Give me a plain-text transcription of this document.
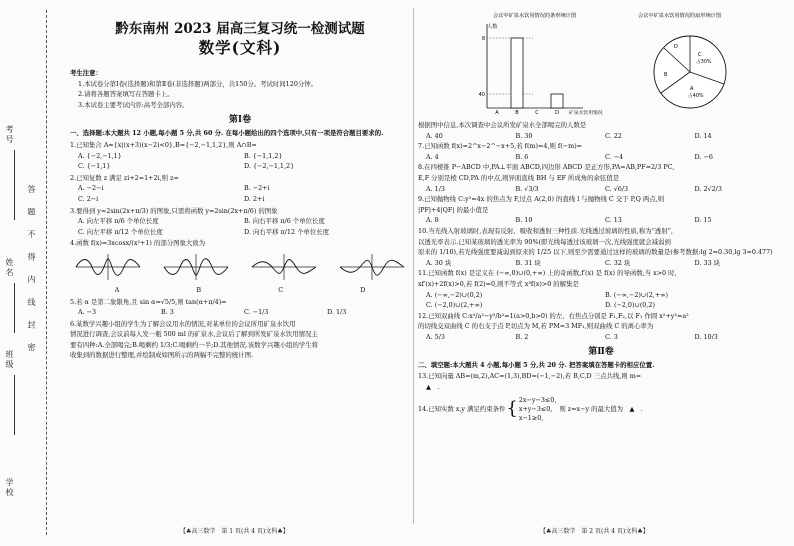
考号
姓名
班级
学校
答 题 不 得 内 线 封 密
黔东南州 2023 届高三复习统一检测试题
数学(文科)
考生注意：
1.本试卷分第Ⅰ卷(选择题)和第Ⅱ卷(非选择题)两部分，共150分。考试时间120分钟。
2.请将各题答案填写在答题卡上。
3.本试卷主要考试内容:高考全部内容。
第Ⅰ卷
一、选择题:本大题共 12 小题,每小题 5 分,共 60 分. 在每小题给出的四个选项中,只有一项是符合题目要求的.
1.已知集合 A={x|(x+3)(x−2)<0},B={−2,−1,1,2},则 A∩B=
A. {−2,−1,1}	B. {−1,1,2}
C. {−1,1}	D. {−2,−1,1,2}
2.已知复数 z 满足 zi+2=1+2i,则 z=
A. −2−i	B. −2+i
C. 2−i	D. 2+i
3.要得到 y=2sin(2x+π/3) 的图象,只需将函数 y=2sin(2x+π/6) 的图象
A. 向左平移 π/6 个单位长度	B. 向右平移 π/6 个单位长度
C. 向左平移 π/12 个单位长度	D. 向右平移 π/12 个单位长度
4.函数 f(x)=3xcosx/(x²+1) 的部分图象大致为
A	B	C	D
5.若 α 是第二象限角,且 sin α=√5/5,则 tan(α+π/4)=
A. −3	B. 3	C. −1/3	D. 1/3
6.某数学兴趣小组的学生为了解会议用水的情况,对某单位的会议所用矿泉水饮用
情况进行调查,会议前每人发一瓶 500 ml 的矿泉水,会议后了解到所发矿泉水饮用情况主
要有四种:A.全部喝完;B.喝剩约 1/3;C.喝剩约一半;D.其他情况.该数学兴趣小组的学生将
收集到的数据进行整理,并绘制成如图所示的两幅不完整的统计图.
【♣高三数学　第 1 页(共 4 页)文科♣】
会议中矿泉水饮用情况的条形统计图
人数
40
8
A	B	C	D 矿泉水饮用情况
会议中矿泉水饮用情况的扇形统计图
C
占30%
A
占40%
B
D
根据图中信息,本次调查中会议所发矿泉水全部喝完的人数是
A. 40	B. 30	C. 22	D. 14
7.已知函数 f(x)=2^x−2^−x+5,若 f(m)=4,则 f(−m)=
A. 4	B. 6	C. −4	D. −6
8.在四棱锥 P−ABCD 中,PA⊥平面 ABCD,四边形 ABCD 是正方形,PA=AB,PF=2/3 PC,
E,F 分别是棱 CD,PA 的中点,则异面直线 BH 与 EF 所成角的余弦值是
A. 1/3	B. √3/3	C. √6/3	D. 2√2/3
9.已知抛物线 C:y²=4x 的焦点为 F,过点 A(2,0) 的直线 l 与抛物线 C 交于 P,Q 两点,则
|PF|+4|QF| 的最小值是
A. 8	B. 10	C. 13	D. 15
10.当光线入射玻璃时,表现有反射、吸收和透射三种性质.光线透过玻璃的性质,称为“透射”,
以透光率表示.已知某玻璃的透光率为 90%(即光线每透过该玻璃一次,光线强度就会减弱到
原来的 1/10),若光线强度要减弱到原来的 1/25 以下,则至少需要通过这样的玻璃的数量是(参考数据:lg 2≈0.30,lg 3≈0.477)
A. 30 块	B. 31 块	C. 32 块	D. 33 块
11.已知函数 f(x) 是定义在 (−∞,0)∪(0,+∞) 上的奇函数,f′(x) 是 f(x) 的导函数,当 x>0 时,
xf′(x)+2f(x)>0,若 f(2)=0,则不等式 x³f(x)>0 的解集是
A. (−∞,−2)∪(0,2)	B. (−∞,−2)∪(2,+∞)
C. (−2,0)∪(2,+∞)	D. (−2,0)∪(0,2)
12.已知双曲线 C:x²/a²−y²/b²=1(a>0,b>0) 的左、右焦点分别是 F₁,F₂,以 F₁ 作圆 x²+y²=a²
的切线交双曲线 C 的右支于点 P,切点为 M,若 PM=3 MF₁,则双曲线 C 的离心率为
A. 5/3	B. 2	C. 3	D. 10/3
第Ⅱ卷
二、填空题:本大题共 4 小题,每小题 5 分,共 20 分. 把答案填在答题卡的相应位置.
13.已知向量 AB=(m,2),AC=(1,3),BD=(−1,−2),若 B,C,D 三点共线,则 m=
▲　.
14.已知实数 x,y 满足约束条件 { 2x−y−3≤0,
x+y−3≤0,
x−1≥0,
则 z=x−y 的最大值为　▲　.
【♣高三数学　第 2 页(共 4 页)文科♣】
